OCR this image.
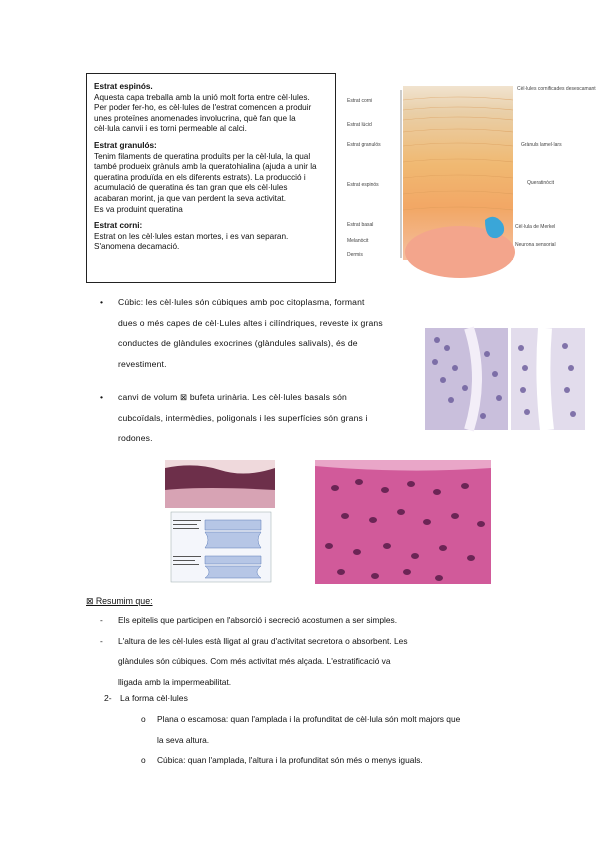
Estrat espinós.

Aquesta capa treballa amb la unió molt forta entre cèl·lules.

Per poder fer-ho, es cèl·lules de l'estrat comencen a produir

unes proteïnes anomenades involucrina, què fan que la

cèl·lula canvii i es torni permeable al calci.

Estrat granulós:

Tenim filaments de queratina produïts per la cèl·lula, la qual

també produeix grànuls amb la queratohialina (ajuda a unir la

queratina produïda en els diferents estrats). La producció i

acumulació de queratina és tan gran que els cèl·lules

acabaran morint, ja que van perdent la seva activitat.

Es va produint queratina

Estrat corni:

Estrat on les cèl·lules estan mortes, i es van separan.

S'anomena decamació.

Estrat corni
Estrat lúcid
Estrat granulós
Estrat espinós
Estrat basal
Melanòcit
Dermis
Cèl·lules cornificades desescamant
Grànuls lamel·lars
Queratinòcit
Cèl·lula de Merkel
Neurona sensorial
• Cúbic: les cèl·lules són cúbiques amb poc citoplasma, formant
dues o més capes de cèl·Lules altes i cilíndriques, reveste ix grans
conductes de glàndules exocrines (glàndules salivals), és de
revestiment.
• canvi de volum ⊠ bufeta urinària. Les cèl·lules basals són
cubcoïdals, intermèdies, poligonals i les superfícies són grans i
rodones.
⊠ Resumim que:
- Els epitelis que participen en l'absorció i secreció acostumen a ser simples.
- L'altura de les cèl·lules està lligat al grau d'activitat secretora o absorbent. Les
glàndules són cúbiques. Com més activitat més alçada. L'estratificació va
lligada amb la impermeabilitat.
2- La forma cèl·lules
o Plana o escamosa: quan l'amplada i la profunditat de cèl·lula són molt majors que
la seva altura.
o Cúbica: quan l'amplada, l'altura i la profunditat són més o menys iguals.
